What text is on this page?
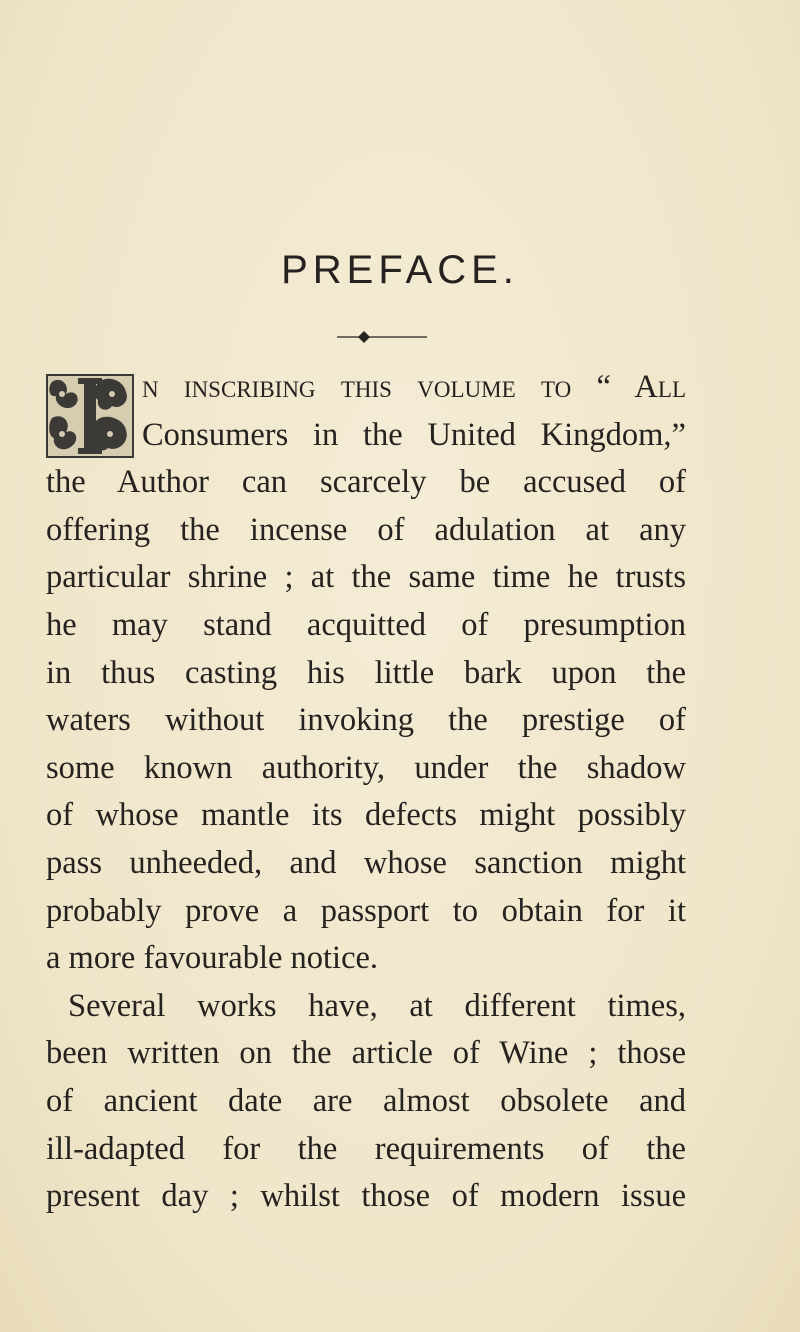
PREFACE.
n inscribing this volume to “ All
Consumers in the United Kingdom,”
the Author can scarcely be accused of
offering the incense of adulation at any
particular shrine ; at the same time he trusts
he may stand acquitted of presumption
in thus casting his little bark upon the
waters without invoking the prestige of
some known authority, under the shadow
of whose mantle its defects might possibly
pass unheeded, and whose sanction might
probably prove a passport to obtain for it
a more favourable notice.
Several works have, at different times,
been written on the article of Wine ; those
of ancient date are almost obsolete and
ill-adapted for the requirements of the
present day ; whilst those of modern issue
